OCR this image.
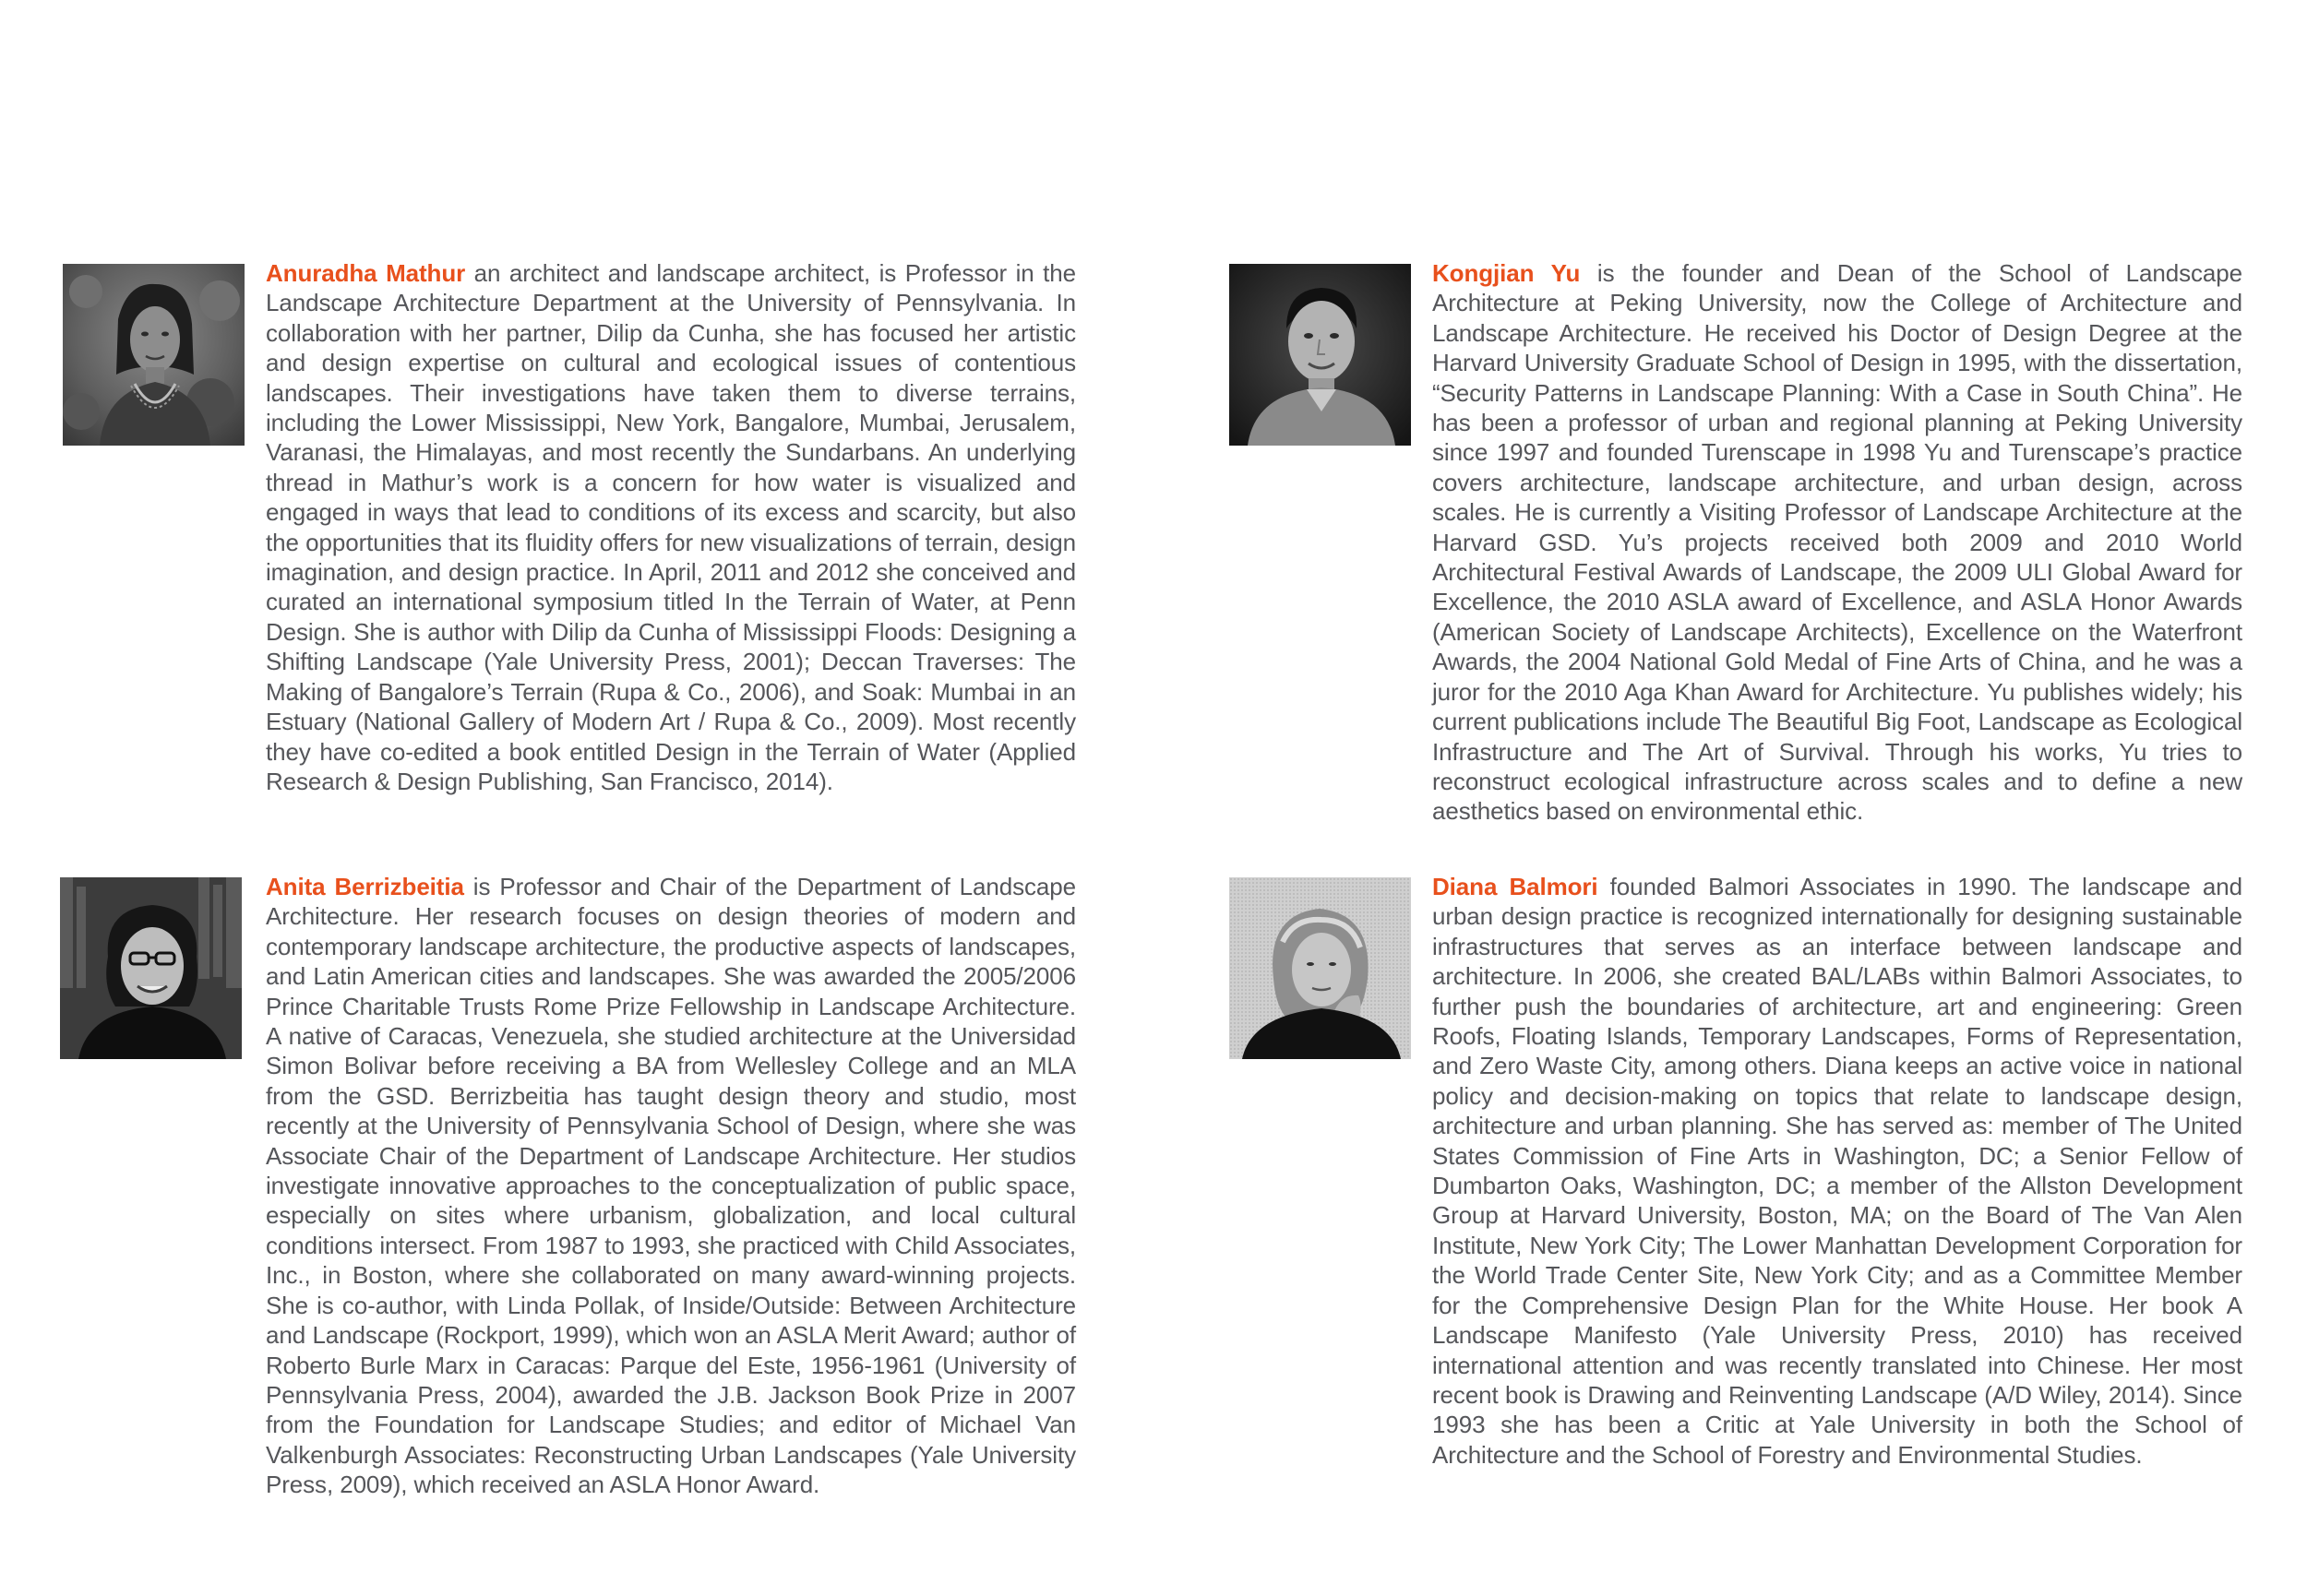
Anuradha Mathur an architect and landscape architect, is Professor in the Landscape Architecture Department at the University of Pennsylvania. In collaboration with her partner, Dilip da Cunha, she has focused her artistic and design expertise on cultural and ecological issues of contentious landscapes. Their investigations have taken them to diverse terrains, including the Lower Mississippi, New York, Bangalore, Mumbai, Jerusalem, Varanasi, the Himalayas, and most recently the Sundarbans. An underlying thread in Mathur’s work is a concern for how water is visualized and engaged in ways that lead to conditions of its excess and scarcity, but also the opportunities that its fluidity offers for new visualizations of terrain, design imagination, and design practice. In April, 2011 and 2012 she conceived and curated an international symposium titled In the Terrain of Water, at Penn Design. She is author with Dilip da Cunha of Mississippi Floods: Designing a Shifting Landscape (Yale University Press, 2001); Deccan Traverses: The Making of Bangalore’s Terrain (Rupa & Co., 2006), and Soak: Mumbai in an Estuary (National Gallery of Modern Art / Rupa & Co., 2009). Most recently they have co-edited a book entitled Design in the Terrain of Water (Applied Research & Design Publishing, San Francisco, 2014).
Kongjian Yu is the founder and Dean of the School of Landscape Architecture at Peking University, now the College of Architecture and Landscape Architecture. He received his Doctor of Design Degree at the Harvard University Graduate School of Design in 1995, with the dissertation, “Security Patterns in Landscape Planning: With a Case in South China”. He has been a professor of urban and regional planning at Peking University since 1997 and founded Turenscape in 1998 Yu and Turenscape’s practice covers architecture, landscape architecture, and urban design, across scales. He is currently a Visiting Professor of Landscape Architecture at the Harvard GSD. Yu’s projects received both 2009 and 2010 World Architectural Festival Awards of Landscape, the 2009 ULI Global Award for Excellence, the 2010 ASLA award of Excellence, and ASLA Honor Awards (American Society of Landscape Architects), Excellence on the Waterfront Awards, the 2004 National Gold Medal of Fine Arts of China, and he was a juror for the 2010 Aga Khan Award for Architecture. Yu publishes widely; his current publications include The Beautiful Big Foot, Landscape as Ecological Infrastructure and The Art of Survival. Through his works, Yu tries to reconstruct ecological infrastructure across scales and to define a new aesthetics based on environmental ethic.
Anita Berrizbeitia is Professor and Chair of the Department of Landscape Architecture. Her research focuses on design theories of modern and contemporary landscape architecture, the productive aspects of landscapes, and Latin American cities and landscapes. She was awarded the 2005/2006 Prince Charitable Trusts Rome Prize Fellowship in Landscape Architecture. A native of Caracas, Venezuela, she studied architecture at the Universidad Simon Bolivar before receiving a BA from Wellesley College and an MLA from the GSD. Berrizbeitia has taught design theory and studio, most recently at the University of Pennsylvania School of Design, where she was Associate Chair of the Department of Landscape Architecture. Her studios investigate innovative approaches to the conceptualization of public space, especially on sites where urbanism, globalization, and local cultural conditions intersect. From 1987 to 1993, she practiced with Child Associates, Inc., in Boston, where she collaborated on many award-winning projects. She is co-author, with Linda Pollak, of Inside/Outside: Between Architecture and Landscape (Rockport, 1999), which won an ASLA Merit Award; author of Roberto Burle Marx in Caracas: Parque del Este, 1956-1961 (University of Pennsylvania Press, 2004), awarded the J.B. Jackson Book Prize in 2007 from the Foundation for Landscape Studies; and editor of Michael Van Valkenburgh Associates: Reconstructing Urban Landscapes (Yale University Press, 2009), which received an ASLA Honor Award.
Diana Balmori founded Balmori Associates in 1990. The landscape and urban design practice is recognized internationally for designing sustainable infrastructures that serves as an interface between landscape and architecture. In 2006, she created BAL/LABs within Balmori Associates, to further push the boundaries of architecture, art and engineering: Green Roofs, Floating Islands, Temporary Landscapes, Forms of Representation, and Zero Waste City, among others. Diana keeps an active voice in national policy and decision-making on topics that relate to landscape design, architecture and urban planning. She has served as: member of The United States Commission of Fine Arts in Washington, DC; a Senior Fellow of Dumbarton Oaks, Washington, DC; a member of the Allston Development Group at Harvard University, Boston, MA; on the Board of The Van Alen Institute, New York City; The Lower Manhattan Development Corporation for the World Trade Center Site, New York City; and as a Committee Member for the Comprehensive Design Plan for the White House. Her book A Landscape Manifesto (Yale University Press, 2010) has received international attention and was recently translated into Chinese. Her most recent book is Drawing and Reinventing Landscape (A/D Wiley, 2014). Since 1993 she has been a Critic at Yale University in both the School of Architecture and the School of Forestry and Environmental Studies.
